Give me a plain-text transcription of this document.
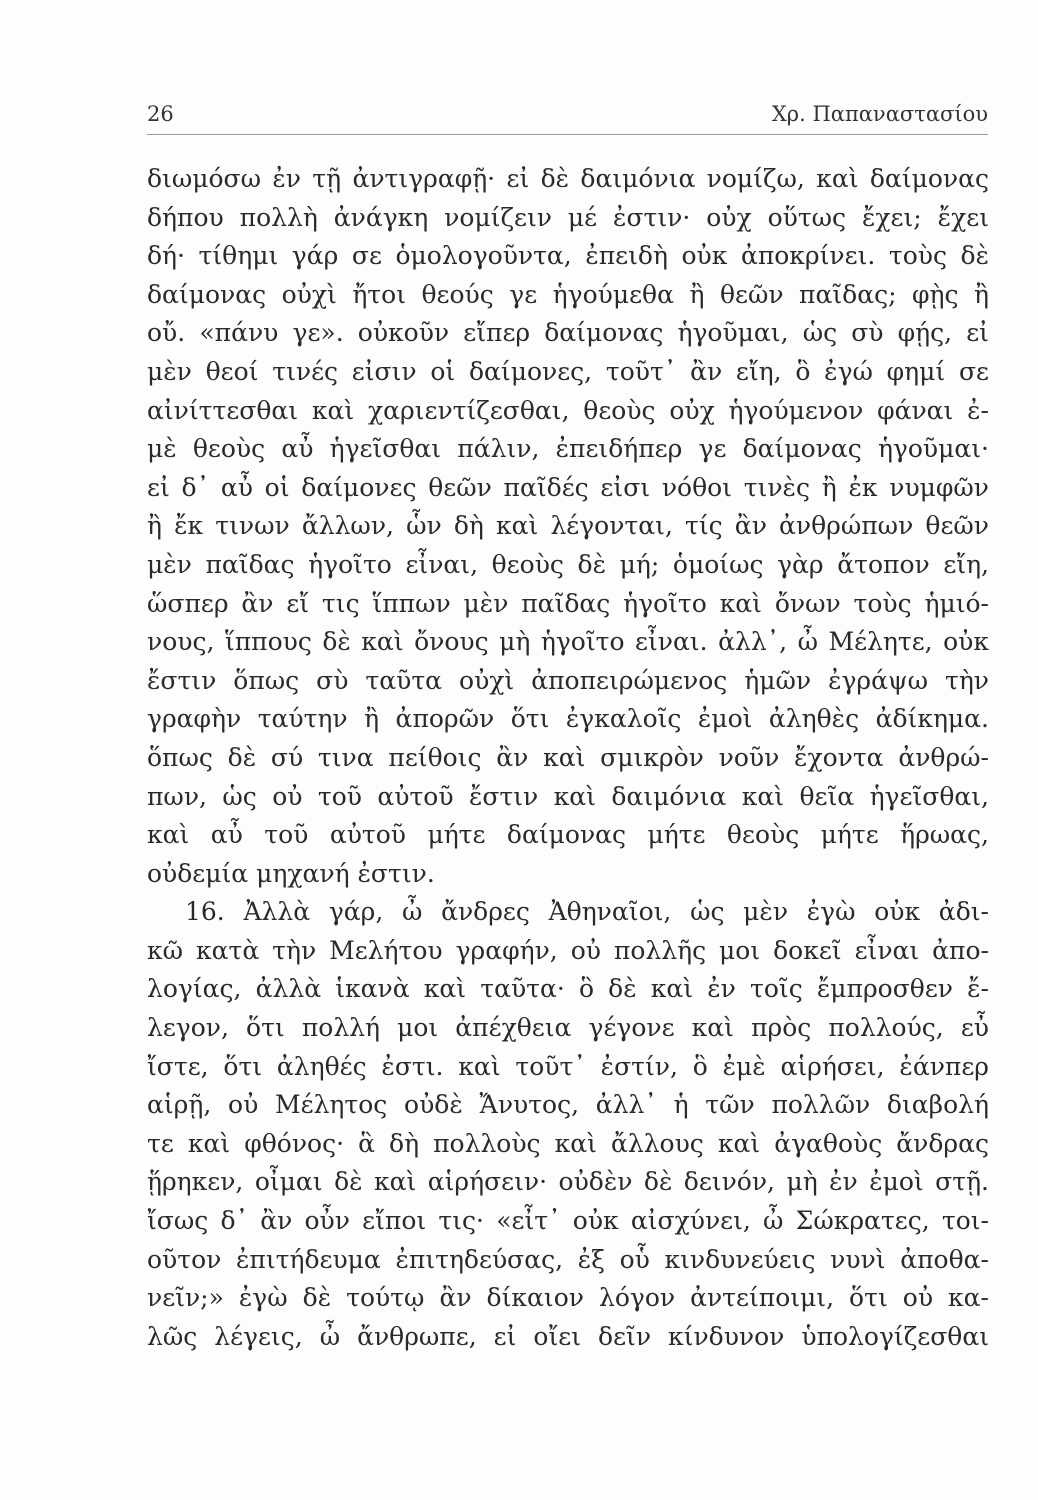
26	Χρ. Παπαναστασίου
διωμόσω ἐν τῇ ἀντιγραφῇ· εἰ δὲ δαιμόνια νομίζω, καὶ δαίμονας
δήπου πολλὴ ἀνάγκη νομίζειν μέ ἐστιν· οὐχ οὕτως ἔχει; ἔχει
δή· τίθημι γάρ σε ὁμολογοῦντα, ἐπειδὴ οὐκ ἀποκρίνει. τοὺς δὲ
δαίμονας οὐχὶ ἤτοι θεούς γε ἡγούμεθα ἢ θεῶν παῖδας; φῂς ἢ
οὔ. «πάνυ γε». οὐκοῦν εἴπερ δαίμονας ἡγοῦμαι, ὡς σὺ φῄς, εἰ
μὲν θεοί τινές εἰσιν οἱ δαίμονες, τοῦτ᾽ ἂν εἴη, ὃ ἐγώ φημί σε
αἰνίττεσθαι καὶ χαριεντίζεσθαι, θεοὺς οὐχ ἡγούμενον φάναι ἐ-
μὲ θεοὺς αὖ ἡγεῖσθαι πάλιν, ἐπειδήπερ γε δαίμονας ἡγοῦμαι·
εἰ δ᾽ αὖ οἱ δαίμονες θεῶν παῖδές εἰσι νόθοι τινὲς ἢ ἐκ νυμφῶν
ἢ ἔκ τινων ἄλλων, ὧν δὴ καὶ λέγονται, τίς ἂν ἀνθρώπων θεῶν
μὲν παῖδας ἡγοῖτο εἶναι, θεοὺς δὲ μή; ὁμοίως γὰρ ἄτοπον εἴη,
ὥσπερ ἂν εἴ τις ἵππων μὲν παῖδας ἡγοῖτο καὶ ὄνων τοὺς ἡμιό-
νους, ἵππους δὲ καὶ ὄνους μὴ ἡγοῖτο εἶναι. ἀλλ᾽, ὦ Μέλητε, οὐκ
ἔστιν ὅπως σὺ ταῦτα οὐχὶ ἀποπειρώμενος ἡμῶν ἐγράψω τὴν
γραφὴν ταύτην ἢ ἀπορῶν ὅτι ἐγκαλοῖς ἐμοὶ ἀληθὲς ἀδίκημα.
ὅπως δὲ σύ τινα πείθοις ἂν καὶ σμικρὸν νοῦν ἔχοντα ἀνθρώ-
πων, ὡς οὐ τοῦ αὐτοῦ ἔστιν καὶ δαιμόνια καὶ θεῖα ἡγεῖσθαι,
καὶ αὖ τοῦ αὐτοῦ μήτε δαίμονας μήτε θεοὺς μήτε ἥρωας,
οὐδεμία μηχανή ἐστιν.
16. Ἀλλὰ γάρ, ὦ ἄνδρες Ἀθηναῖοι, ὡς μὲν ἐγὼ οὐκ ἀδι-
κῶ κατὰ τὴν Μελήτου γραφήν, οὐ πολλῆς μοι δοκεῖ εἶναι ἀπο-
λογίας, ἀλλὰ ἱκανὰ καὶ ταῦτα· ὃ δὲ καὶ ἐν τοῖς ἔμπροσθεν ἔ-
λεγον, ὅτι πολλή μοι ἀπέχθεια γέγονε καὶ πρὸς πολλούς, εὖ
ἴστε, ὅτι ἀληθές ἐστι. καὶ τοῦτ᾽ ἐστίν, ὃ ἐμὲ αἱρήσει, ἐάνπερ
αἱρῇ, οὐ Μέλητος οὐδὲ Ἄνυτος, ἀλλ᾽ ἡ τῶν πολλῶν διαβολή
τε καὶ φθόνος· ἃ δὴ πολλοὺς καὶ ἄλλους καὶ ἀγαθοὺς ἄνδρας
ᾕρηκεν, οἶμαι δὲ καὶ αἱρήσειν· οὐδὲν δὲ δεινόν, μὴ ἐν ἐμοὶ στῇ.
ἴσως δ᾽ ἂν οὖν εἴποι τις· «εἶτ᾽ οὐκ αἰσχύνει, ὦ Σώκρατες, τοι-
οῦτον ἐπιτήδευμα ἐπιτηδεύσας, ἐξ οὗ κινδυνεύεις νυνὶ ἀποθα-
νεῖν;» ἐγὼ δὲ τούτῳ ἂν δίκαιον λόγον ἀντείποιμι, ὅτι οὐ κα-
λῶς λέγεις, ὦ ἄνθρωπε, εἰ οἴει δεῖν κίνδυνον ὑπολογίζεσθαι
